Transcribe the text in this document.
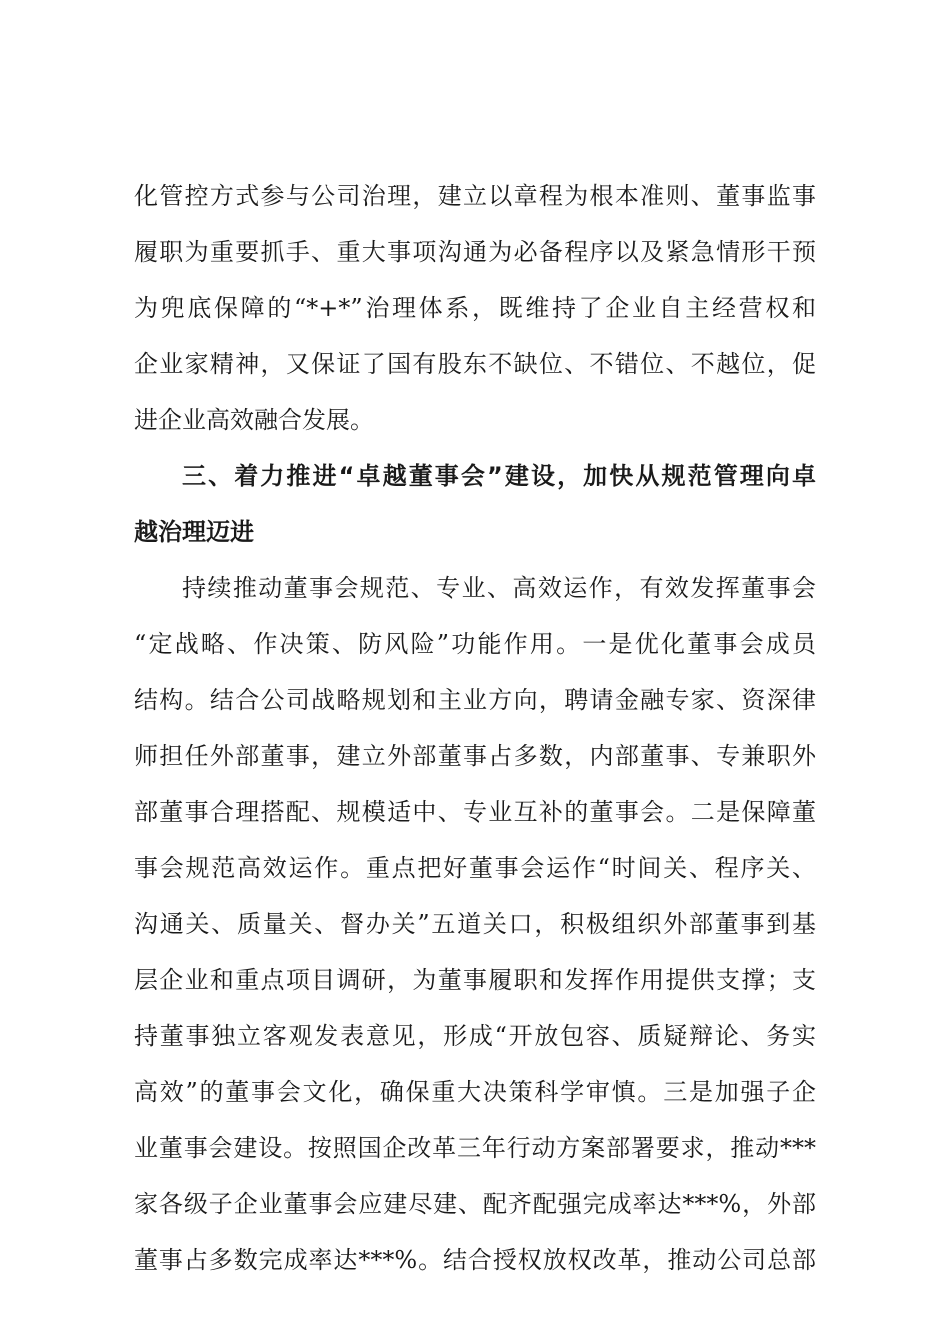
化管控方式参与公司治理，建立以章程为根本准则、董事监事

履职为重要抓手、重大事项沟通为必备程序以及紧急情形干预

为兜底保障的“*+*”治理体系，既维持了企业自主经营权和

企业家精神，又保证了国有股东不缺位、不错位、不越位，促

进企业高效融合发展。

三、着力推进“卓越董事会”建设，加快从规范管理向卓

越治理迈进

持续推动董事会规范、专业、高效运作，有效发挥董事会

“定战略、作决策、防风险”功能作用。一是优化董事会成员

结构。结合公司战略规划和主业方向，聘请金融专家、资深律

师担任外部董事，建立外部董事占多数，内部董事、专兼职外

部董事合理搭配、规模适中、专业互补的董事会。二是保障董

事会规范高效运作。重点把好董事会运作“时间关、程序关、

沟通关、质量关、督办关”五道关口，积极组织外部董事到基

层企业和重点项目调研，为董事履职和发挥作用提供支撑；支

持董事独立客观发表意见，形成“开放包容、质疑辩论、务实

高效”的董事会文化，确保重大决策科学审慎。三是加强子企

业董事会建设。按照国企改革三年行动方案部署要求，推动***

家各级子企业董事会应建尽建、配齐配强完成率达***%，外部

董事占多数完成率达***%。结合授权放权改革，推动公司总部
